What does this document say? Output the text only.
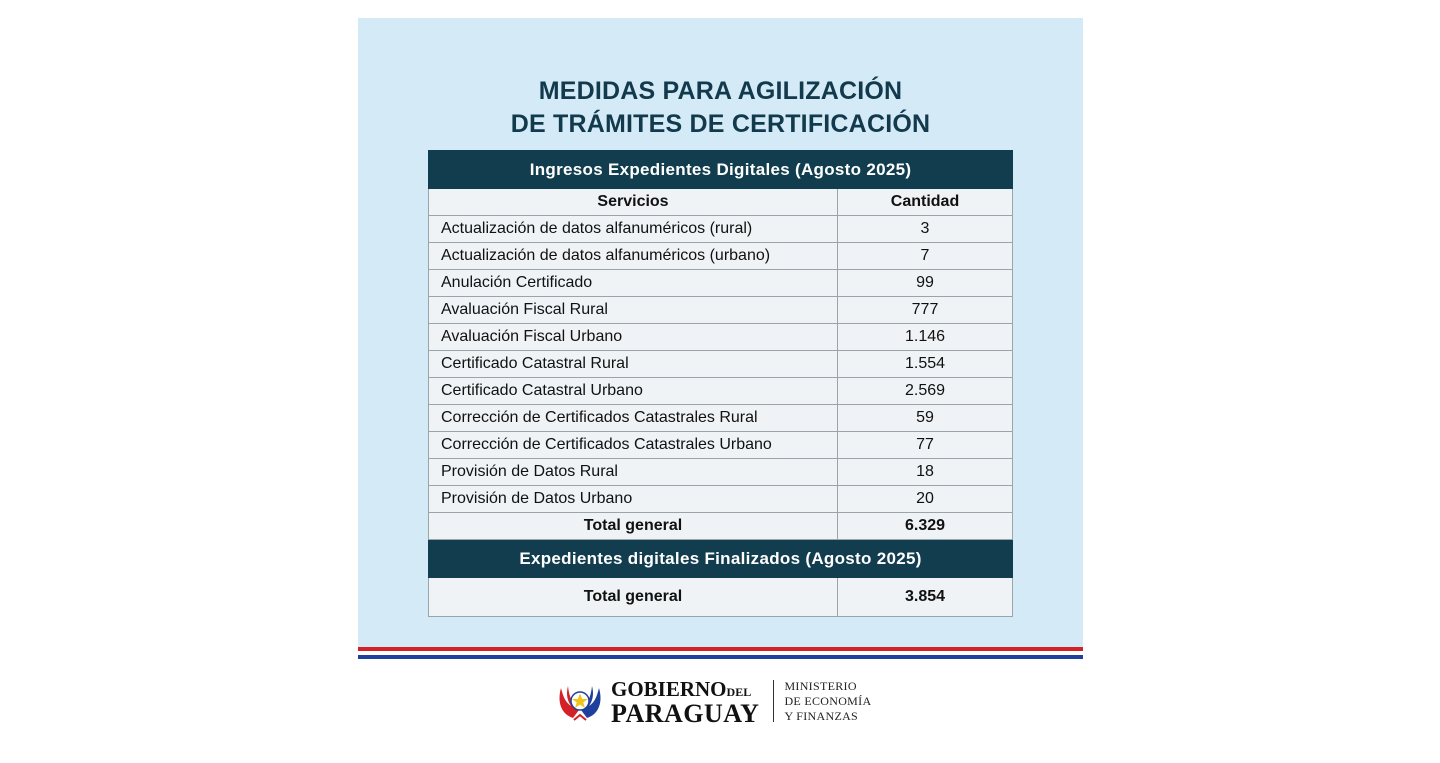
MEDIDAS PARA AGILIZACIÓN
DE TRÁMITES DE CERTIFICACIÓN
Ingresos Expedientes Digitales (Agosto 2025)	
Servicios	Cantidad
Actualización de datos alfanuméricos (rural)	3
Actualización de datos alfanuméricos (urbano)	7
Anulación Certificado	99
Avaluación Fiscal Rural	777
Avaluación Fiscal Urbano	1.146
Certificado Catastral Rural	1.554
Certificado Catastral Urbano	2.569
Corrección de Certificados Catastrales Rural	59
Corrección de Certificados Catastrales Urbano	77
Provisión de Datos Rural	18
Provisión de Datos Urbano	20
Total general	6.329
Expedientes digitales Finalizados (Agosto 2025)	
Total general	3.854
GOBIERNODEL
PARAGUAY
MINISTERIO
DE ECONOMÍA
Y FINANZAS
